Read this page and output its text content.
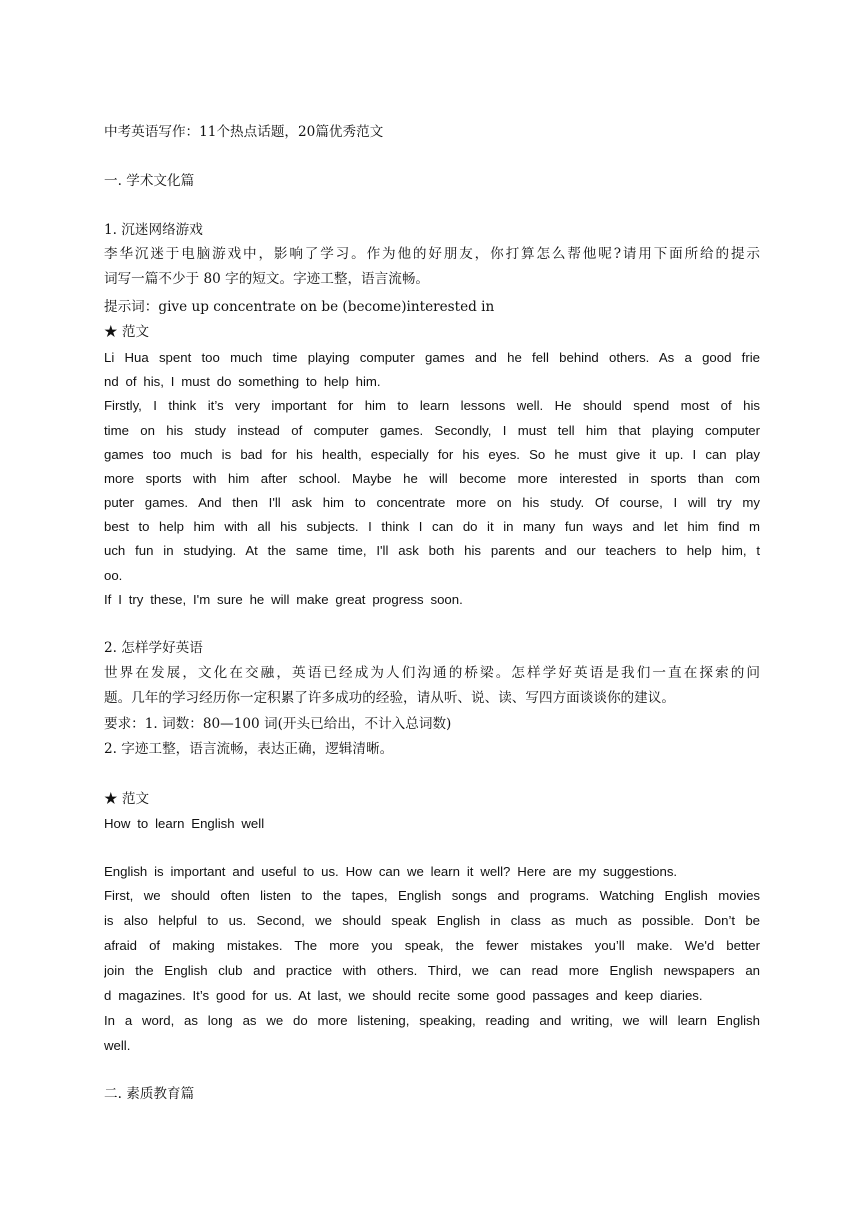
中考英语写作：11个热点话题，20篇优秀范文
一. 学术文化篇
1. 沉迷网络游戏
李华沉迷于电脑游戏中，影响了学习。作为他的好朋友，你打算怎么帮他呢?请用下面所给的提示
词写一篇不少于 80 字的短文。字迹工整，语言流畅。
提示词：give up concentrate on be (become)interested in
★ 范文
Li Hua spent too much time playing computer games and he fell behind others. As a good frie
nd of his, I must do something to help him.
Firstly, I think it’s very important for him to learn lessons well. He should spend most of his
time on his study instead of computer games. Secondly, I must tell him that playing computer
games too much is bad for his health, especially for his eyes. So he must give it up. I can play
more sports with him after school. Maybe he will become more interested in sports than com
puter games. And then I'll ask him to concentrate more on his study. Of course, I will try my
best to help him with all his subjects. I think I can do it in many fun ways and let him find m
uch fun in studying. At the same time, I'll ask both his parents and our teachers to help him, t
oo.
If I try these, I'm sure he will make great progress soon.
2. 怎样学好英语
世界在发展，文化在交融，英语已经成为人们沟通的桥梁。怎样学好英语是我们一直在探索的问
题。几年的学习经历你一定积累了许多成功的经验，请从听、说、读、写四方面谈谈你的建议。
要求：1. 词数：80—100 词(开头已给出，不计入总词数)
2. 字迹工整，语言流畅，表达正确，逻辑清晰。
★ 范文
How to learn English well
English is important and useful to us. How can we learn it well? Here are my suggestions.
First, we should often listen to the tapes, English songs and programs. Watching English movies
is also helpful to us. Second, we should speak English in class as much as possible. Don’t be
afraid of making mistakes. The more you speak, the fewer mistakes you’ll make. We'd better
join the English club and practice with others. Third, we can read more English newspapers an
d magazines. It’s good for us. At last, we should recite some good passages and keep diaries.
In a word, as long as we do more listening, speaking, reading and writing, we will learn English
well.
二. 素质教育篇
